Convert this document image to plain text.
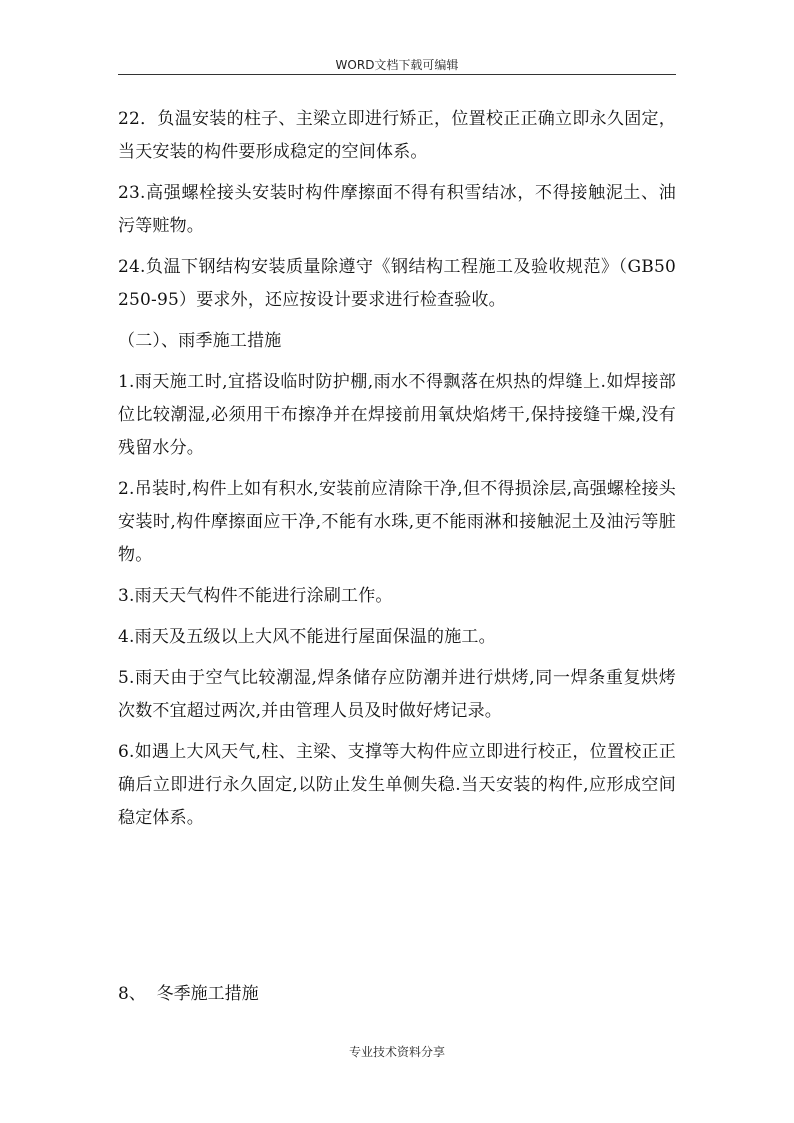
WORD文档下载可编辑

22．负温安装的柱子、主梁立即进行矫正，位置校正正确立即永久固定，当天安装的构件要形成稳定的空间体系。

23.高强螺栓接头安装时构件摩擦面不得有积雪结冰，不得接触泥土、油污等赃物。

24.负温下钢结构安装质量除遵守《钢结构工程施工及验收规范》（GB50250-95）要求外，还应按设计要求进行检查验收。

（二）、雨季施工措施

1.雨天施工时,宜搭设临时防护棚,雨水不得飘落在炽热的焊缝上.如焊接部位比较潮湿,必须用干布擦净并在焊接前用氧炔焰烤干,保持接缝干燥,没有残留水分。

2.吊装时,构件上如有积水,安装前应清除干净,但不得损涂层,高强螺栓接头安装时,构件摩擦面应干净,不能有水珠,更不能雨淋和接触泥土及油污等脏物。

3.雨天天气构件不能进行涂刷工作。

4.雨天及五级以上大风不能进行屋面保温的施工。

5.雨天由于空气比较潮湿,焊条储存应防潮并进行烘烤,同一焊条重复烘烤次数不宜超过两次,并由管理人员及时做好烤记录。

6.如遇上大风天气,柱、主梁、支撑等大构件应立即进行校正，位置校正正确后立即进行永久固定,以防止发生单侧失稳.当天安装的构件,应形成空间稳定体系。

8、  冬季施工措施
专业技术资料分享
